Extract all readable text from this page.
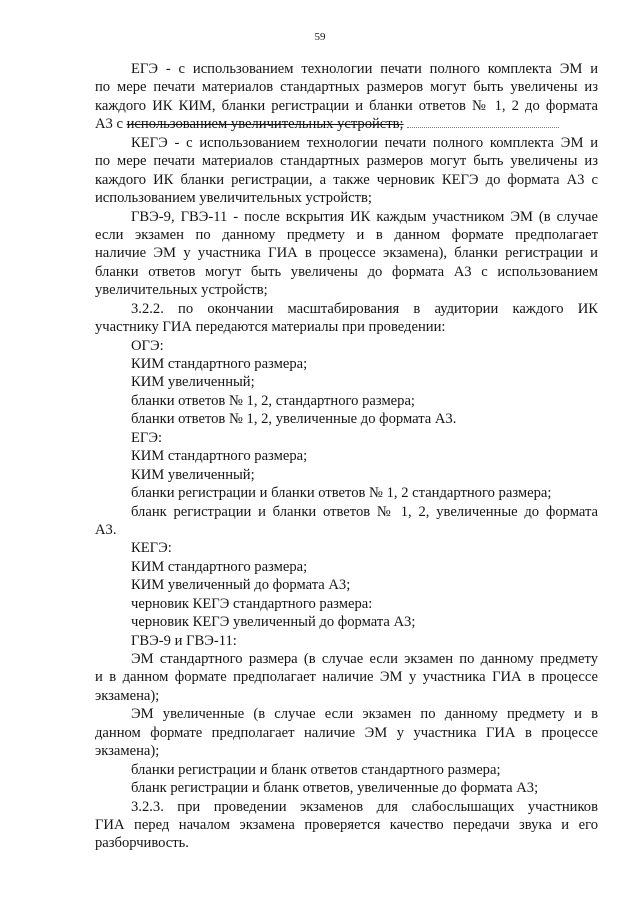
59
ЕГЭ - с использованием технологии печати полного комплекта ЭМ и
по мере печати материалов стандартных размеров могут быть увеличены из
каждого ИК КИМ, бланки регистрации и бланки ответов № 1, 2 до формата
А3 с использованием увеличительных устройств;
КЕГЭ - с использованием технологии печати полного комплекта ЭМ и
по мере печати материалов стандартных размеров могут быть увеличены из
каждого ИК бланки регистрации, а также черновик КЕГЭ до формата А3 с
использованием увеличительных устройств;
ГВЭ-9, ГВЭ-11 - после вскрытия ИК каждым участником ЭМ (в случае
если экзамен по данному предмету и в данном формате предполагает
наличие ЭМ у участника ГИА в процессе экзамена), бланки регистрации и
бланки ответов могут быть увеличены до формата А3 с использованием
увеличительных устройств;
3.2.2. по окончании масштабирования в аудитории каждого ИК
участнику ГИА передаются материалы при проведении:
ОГЭ:
КИМ стандартного размера;
КИМ увеличенный;
бланки ответов № 1, 2, стандартного размера;
бланки ответов № 1, 2, увеличенные до формата А3.
ЕГЭ:
КИМ стандартного размера;
КИМ увеличенный;
бланки регистрации и бланки ответов № 1, 2 стандартного размера;
бланк регистрации и бланки ответов № 1, 2, увеличенные до формата
А3.
КЕГЭ:
КИМ стандартного размера;
КИМ увеличенный до формата А3;
черновик КЕГЭ стандартного размера:
черновик КЕГЭ увеличенный до формата А3;
ГВЭ-9 и ГВЭ-11:
ЭМ стандартного размера (в случае если экзамен по данному предмету
и в данном формате предполагает наличие ЭМ у участника ГИА в процессе
экзамена);
ЭМ увеличенные (в случае если экзамен по данному предмету и в
данном формате предполагает наличие ЭМ у участника ГИА в процессе
экзамена);
бланки регистрации и бланк ответов стандартного размера;
бланк регистрации и бланк ответов, увеличенные до формата А3;
3.2.3. при проведении экзаменов для слабослышащих участников
ГИА перед началом экзамена проверяется качество передачи звука и его
разборчивость.
